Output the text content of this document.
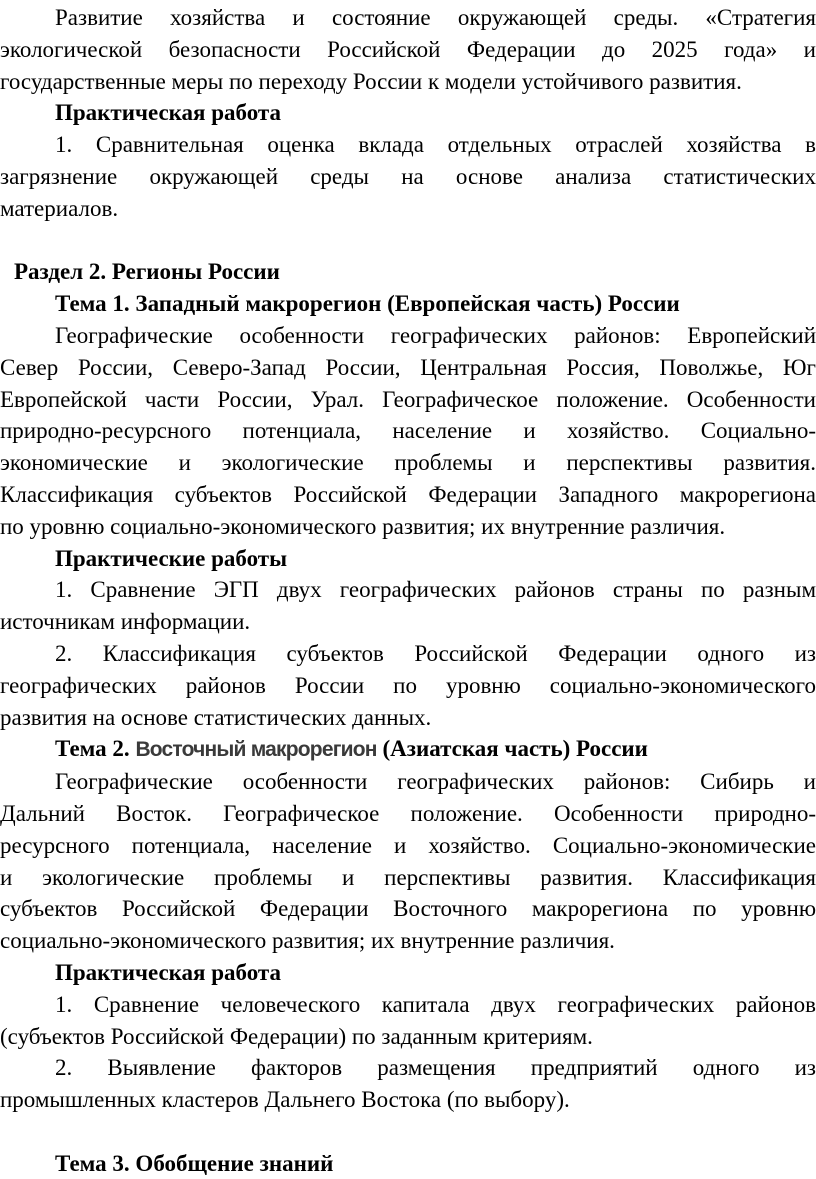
Развитие хозяйства и состояние окружающей среды. «Стратегия
экологической безопасности Российской Федерации до 2025 года» и
государственные меры по переходу России к модели устойчивого развития.
Практическая работа
1. Сравнительная оценка вклада отдельных отраслей хозяйства в
загрязнение окружающей среды на основе анализа статистических
материалов.
Раздел 2. Регионы России
Тема 1. Западный макрорегион (Европейская часть) России
Географические особенности географических районов: Европейский
Север России, Северо-Запад России, Центральная Россия, Поволжье, Юг
Европейской части России, Урал. Географическое положение. Особенности
природно-ресурсного потенциала, население и хозяйство. Социально-
экономические и экологические проблемы и перспективы развития.
Классификация субъектов Российской Федерации Западного макрорегиона
по уровню социально-экономического развития; их внутренние различия.
Практические работы
1. Сравнение ЭГП двух географических районов страны по разным
источникам информации.
2. Классификация субъектов Российской Федерации одного из
географических районов России по уровню социально-экономического
развития на основе статистических данных.
Тема 2. Восточный макрорегион (Азиатская часть) России
Географические особенности географических районов: Сибирь и
Дальний Восток. Географическое положение. Особенности природно-
ресурсного потенциала, население и хозяйство. Социально-экономические
и экологические проблемы и перспективы развития. Классификация
субъектов Российской Федерации Восточного макрорегиона по уровню
социально-экономического развития; их внутренние различия.
Практическая работа
1. Сравнение человеческого капитала двух географических районов
(субъектов Российской Федерации) по заданным критериям.
2. Выявление факторов размещения предприятий одного из
промышленных кластеров Дальнего Востока (по выбору).
Тема 3. Обобщение знаний
